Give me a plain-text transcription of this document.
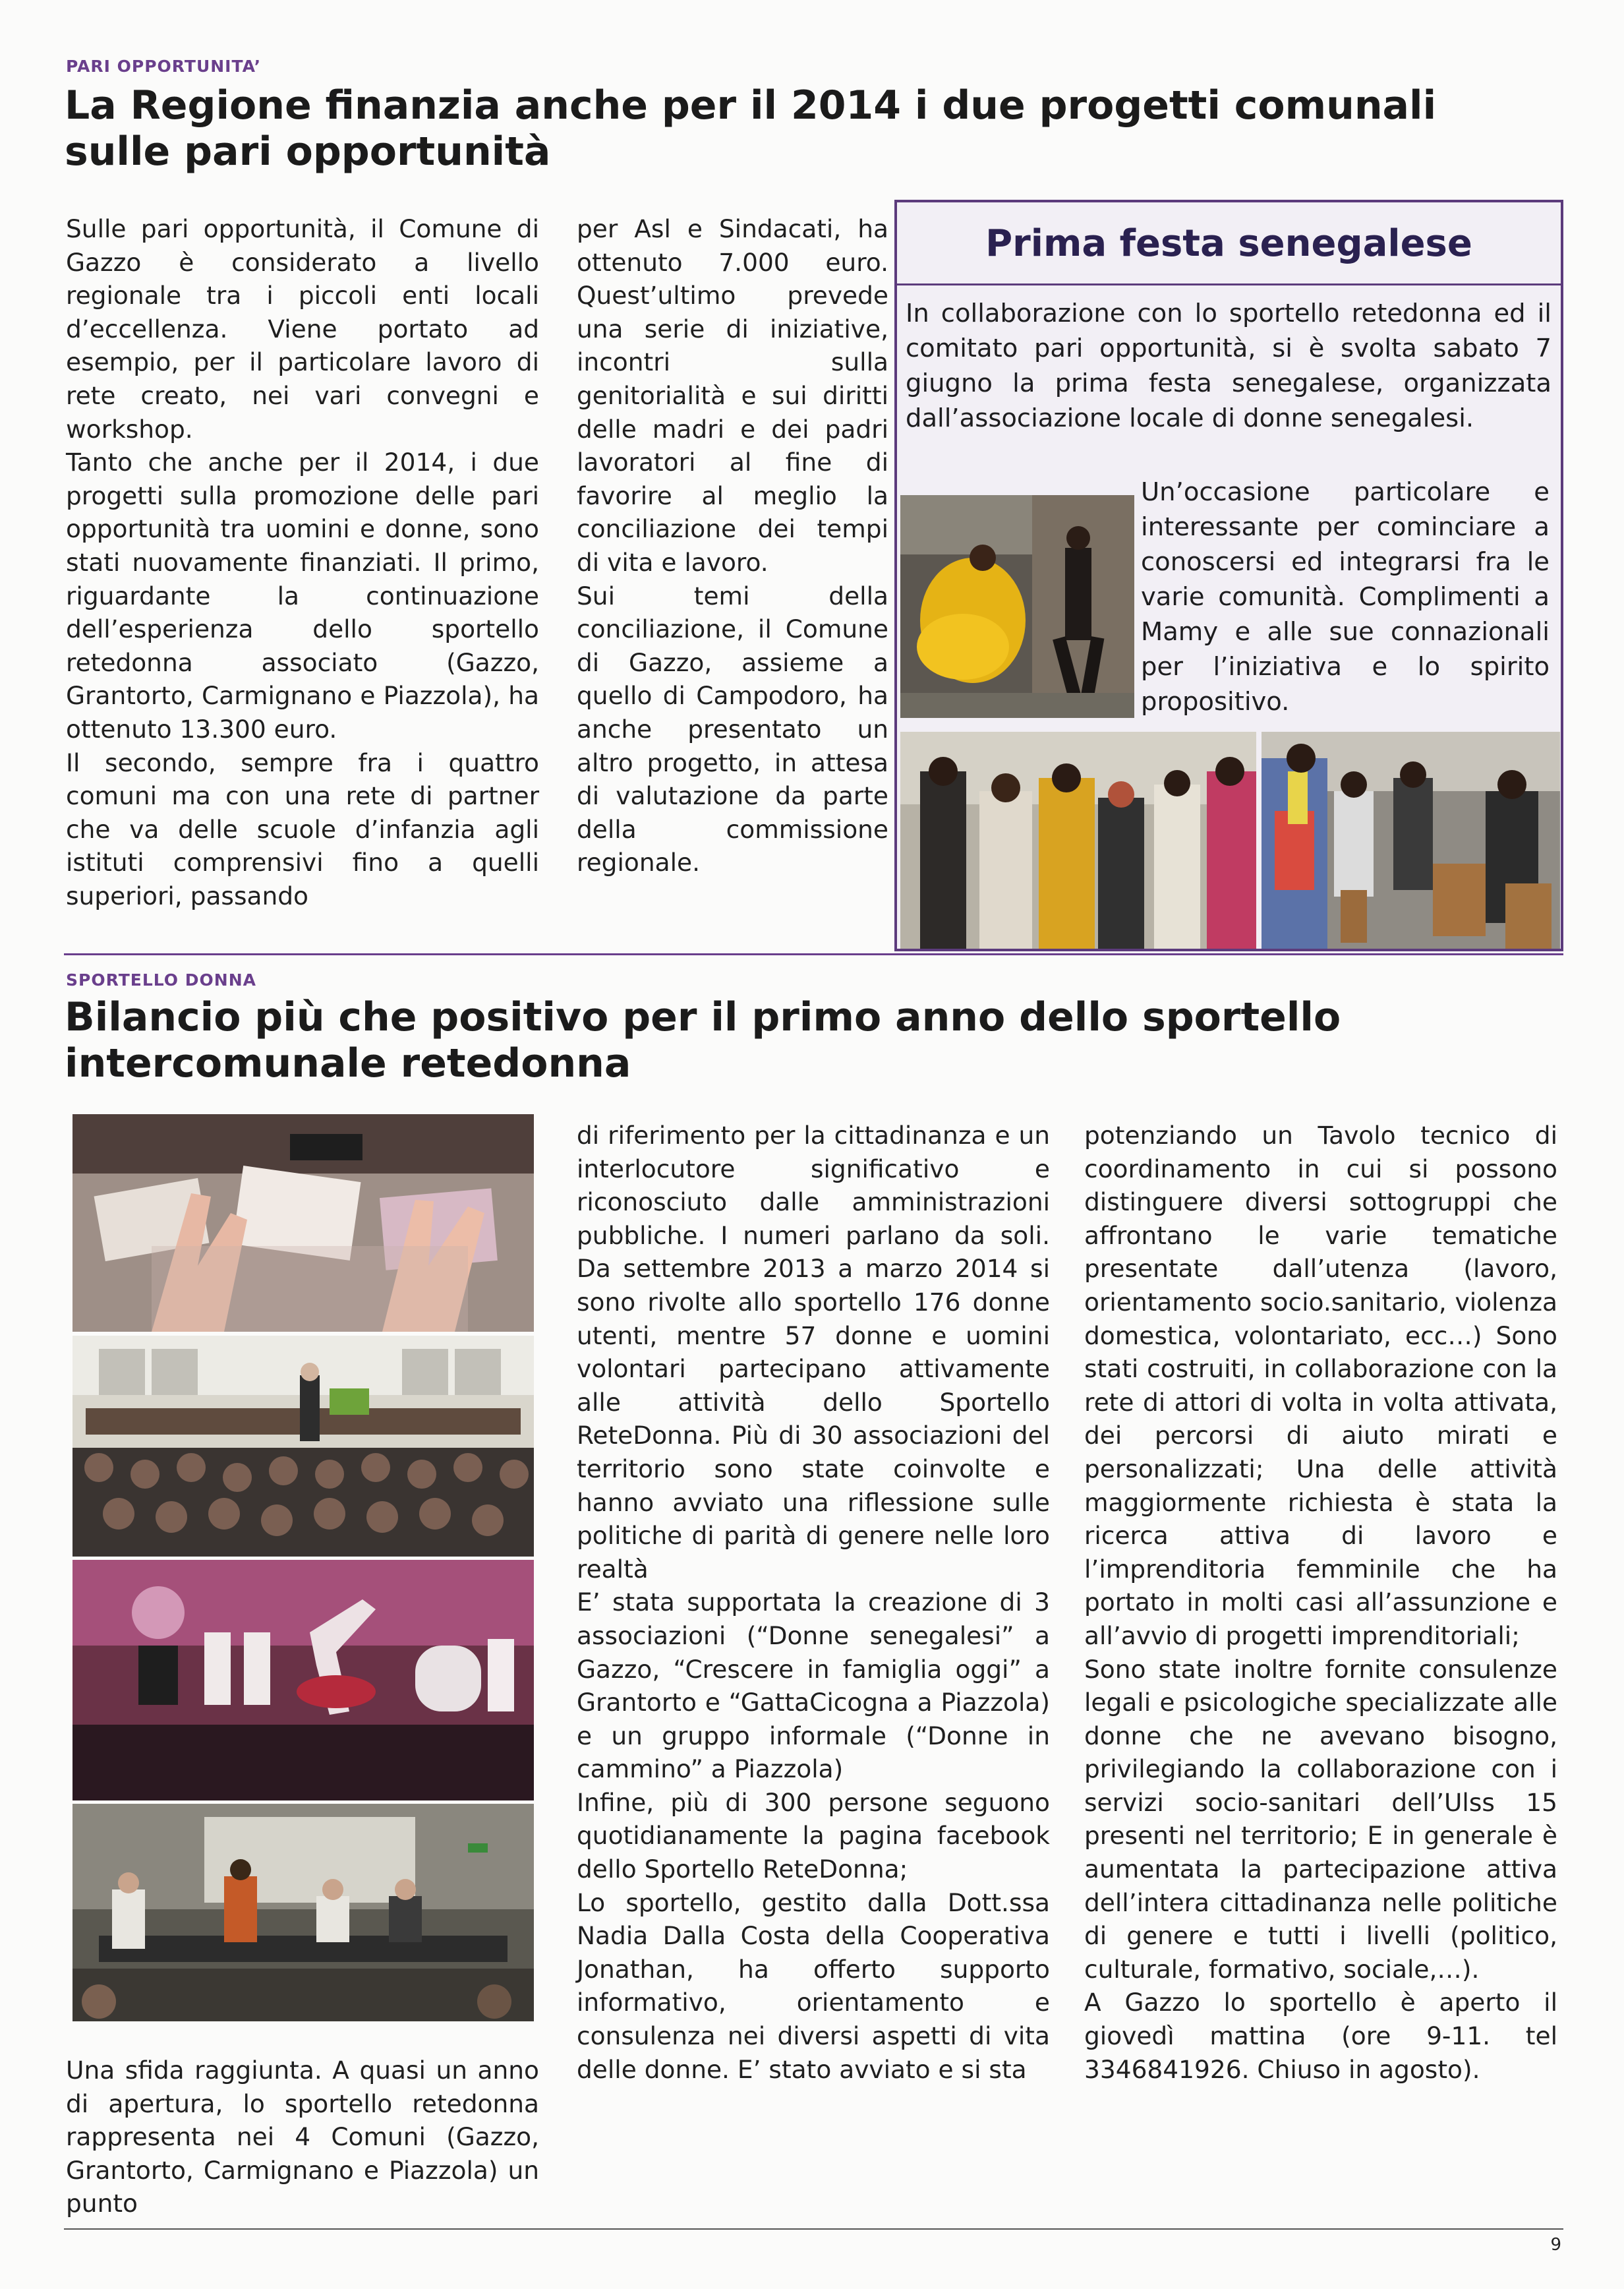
PARI OPPORTUNITA’
La Regione finanzia anche per il 2014 i due progetti comunali sulle pari opportunità

Sulle pari opportunità, il Comune di Gazzo è considerato a livello regionale tra i piccoli enti locali d’eccellenza. Viene portato ad esempio, per il particolare lavoro di rete creato, nei vari convegni e workshop.

Tanto che anche per il 2014, i due progetti sulla promozione delle pari opportunità tra uomini e donne, sono stati nuovamente finanziati. Il primo, riguardante la continuazione dell’esperienza dello sportello retedonna associato (Gazzo, Grantorto, Carmignano e Piazzola), ha ottenuto 13.300 euro.

Il secondo, sempre fra i quattro comuni ma con una rete di partner che va delle scuole d’infanzia agli istituti comprensivi fino a quelli superiori, passando

per Asl e Sindacati, ha ottenuto 7.000 euro. Quest’ultimo prevede una serie di iniziative, incontri sulla genitorialità e sui diritti delle madri e dei padri lavoratori al fine di favorire al meglio la conciliazione dei tempi di vita e lavoro.

Sui temi della conciliazione, il Comune di Gazzo, assieme a quello di Campodoro, ha anche presentato un altro progetto, in attesa di valutazione da parte della commissione regionale.

Prima festa senegalese
In collaborazione con lo sportello retedonna ed il comitato pari opportunità, si è svolta sabato 7 giugno la prima festa senegalese, organizzata dall’associazione locale di donne senegalesi.
Un’occasione particolare e interessante per cominciare a conoscersi ed integrarsi fra le varie comunità. Complimenti a Mamy e alle sue connazionali per l’iniziativa e lo spirito propositivo.
SPORTELLO DONNA
Bilancio più che positivo per il primo anno dello sportello intercomunale retedonna

Una sfida raggiunta. A quasi un anno di apertura, lo sportello retedonna rappresenta nei 4 Comuni (Gazzo, Grantorto, Carmignano e Piazzola) un punto

di riferimento per la cittadinanza e un interlocutore significativo e riconosciuto dalle amministrazioni pubbliche. I numeri parlano da soli. Da settembre 2013 a marzo 2014 si sono rivolte allo sportello 176 donne utenti, mentre 57 donne e uomini volontari partecipano attivamente alle attività dello Sportello ReteDonna. Più di 30 associazioni del territorio sono state coinvolte e hanno avviato una riflessione sulle politiche di parità di genere nelle loro realtà

E’ stata supportata la creazione di 3 associazioni (“Donne senegalesi” a Gazzo, “Crescere in famiglia oggi” a Grantorto e “GattaCicogna a Piazzola) e un gruppo informale (“Donne in cammino” a Piazzola)

Infine, più di 300 persone seguono quotidianamente la pagina facebook dello Sportello ReteDonna;

Lo sportello, gestito dalla Dott.ssa Nadia Dalla Costa della Cooperativa Jonathan, ha offerto supporto informativo, orientamento e consulenza nei diversi aspetti di vita delle donne. E’ stato avviato e si sta

potenziando un Tavolo tecnico di coordinamento in cui si possono distinguere diversi sottogruppi che affrontano le varie tematiche presentate dall’utenza (lavoro, orientamento socio.sanitario, violenza domestica, volontariato, ecc…) Sono stati costruiti, in collaborazione con la rete di attori di volta in volta attivata, dei percorsi di aiuto mirati e personalizzati; Una delle attività maggiormente richiesta è stata la ricerca attiva di lavoro e l’imprenditoria femminile che ha portato in molti casi all’assunzione e all’avvio di progetti imprenditoriali;

Sono state inoltre fornite consulenze legali e psicologiche specializzate alle donne che ne avevano bisogno, privilegiando la collaborazione con i servizi socio-sanitari dell’Ulss 15 presenti nel territorio; E in generale è aumentata la partecipazione attiva dell’intera cittadinanza nelle politiche di genere e tutti i livelli (politico, culturale, formativo, sociale,…).

A Gazzo lo sportello è aperto il giovedì mattina (ore 9-11. tel 3346841926. Chiuso in agosto).

9
